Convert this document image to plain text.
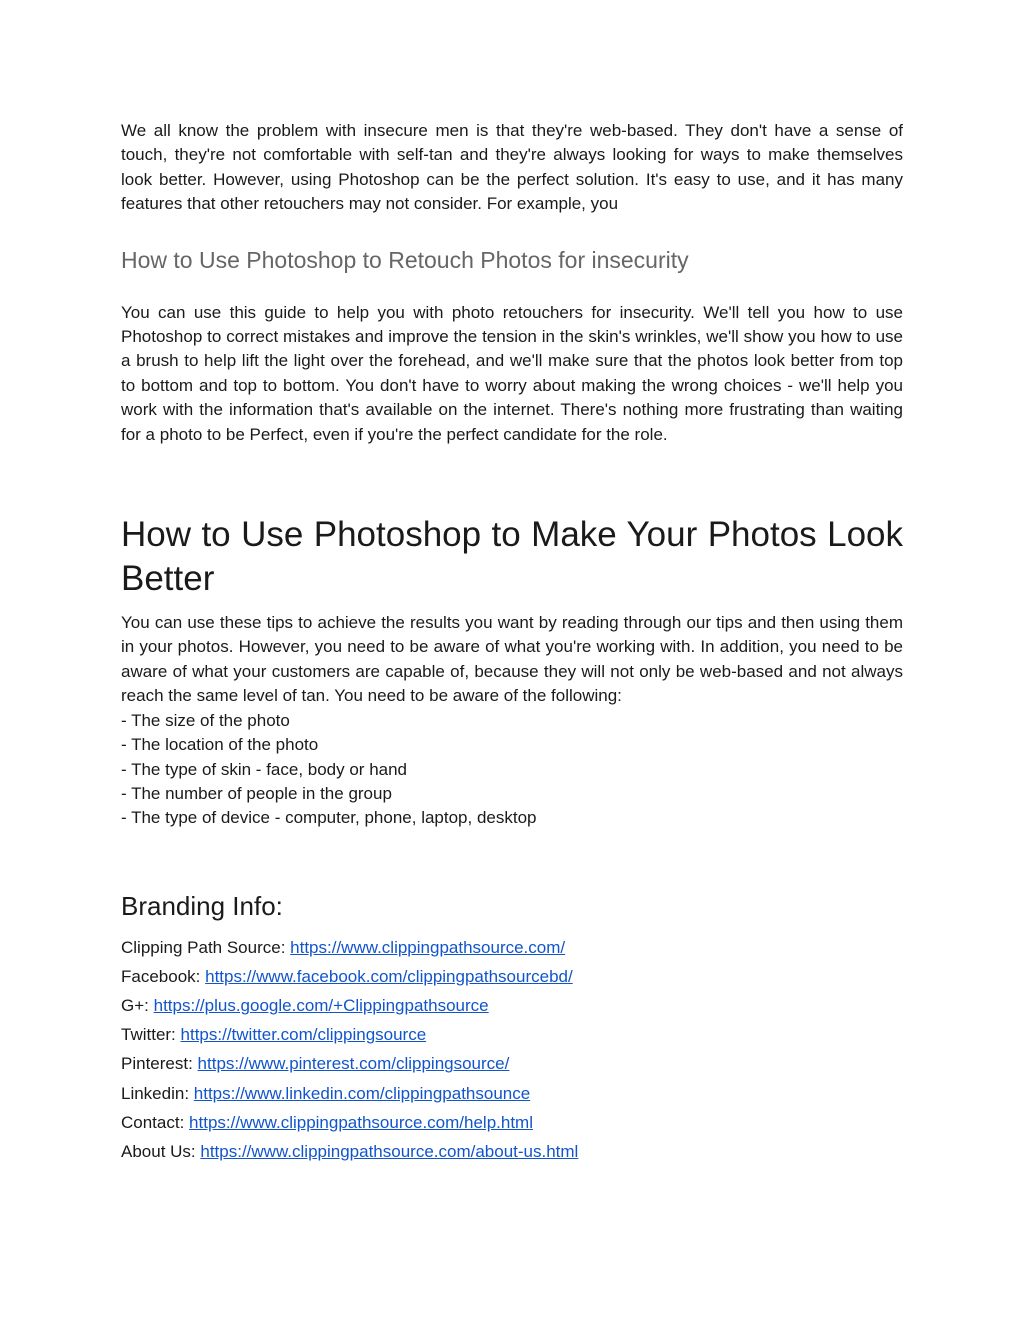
We all know the problem with insecure men is that they're web-based. They don't have a sense of touch, they're not comfortable with self-tan and they're always looking for ways to make themselves look better. However, using Photoshop can be the perfect solution. It's easy to use, and it has many features that other retouchers may not consider. For example, you

How to Use Photoshop to Retouch Photos for insecurity

You can use this guide to help you with photo retouchers for insecurity. We'll tell you how to use Photoshop to correct mistakes and improve the tension in the skin's wrinkles, we'll show you how to use a brush to help lift the light over the forehead, and we'll make sure that the photos look better from top to bottom and top to bottom. You don't have to worry about making the wrong choices - we'll help you work with the information that's available on the internet. There's nothing more frustrating than waiting for a photo to be Perfect, even if you're the perfect candidate for the role.

How to Use Photoshop to Make Your Photos Look Better

You can use these tips to achieve the results you want by reading through our tips and then using them in your photos. However, you need to be aware of what you're working with. In addition, you need to be aware of what your customers are capable of, because they will not only be web-based and not always reach the same level of tan. You need to be aware of the following:

- The size of the photo
- The location of the photo
- The type of skin - face, body or hand
- The number of people in the group
- The type of device - computer, phone, laptop, desktop
Branding Info:
Clipping Path Source: https://www.clippingpathsource.com/
Facebook: https://www.facebook.com/clippingpathsourcebd/
G+: https://plus.google.com/+Clippingpathsource
Twitter: https://twitter.com/clippingsource
Pinterest: https://www.pinterest.com/clippingsource/
Linkedin: https://www.linkedin.com/clippingpathsounce
Contact: https://www.clippingpathsource.com/help.html
About Us: https://www.clippingpathsource.com/about-us.html
